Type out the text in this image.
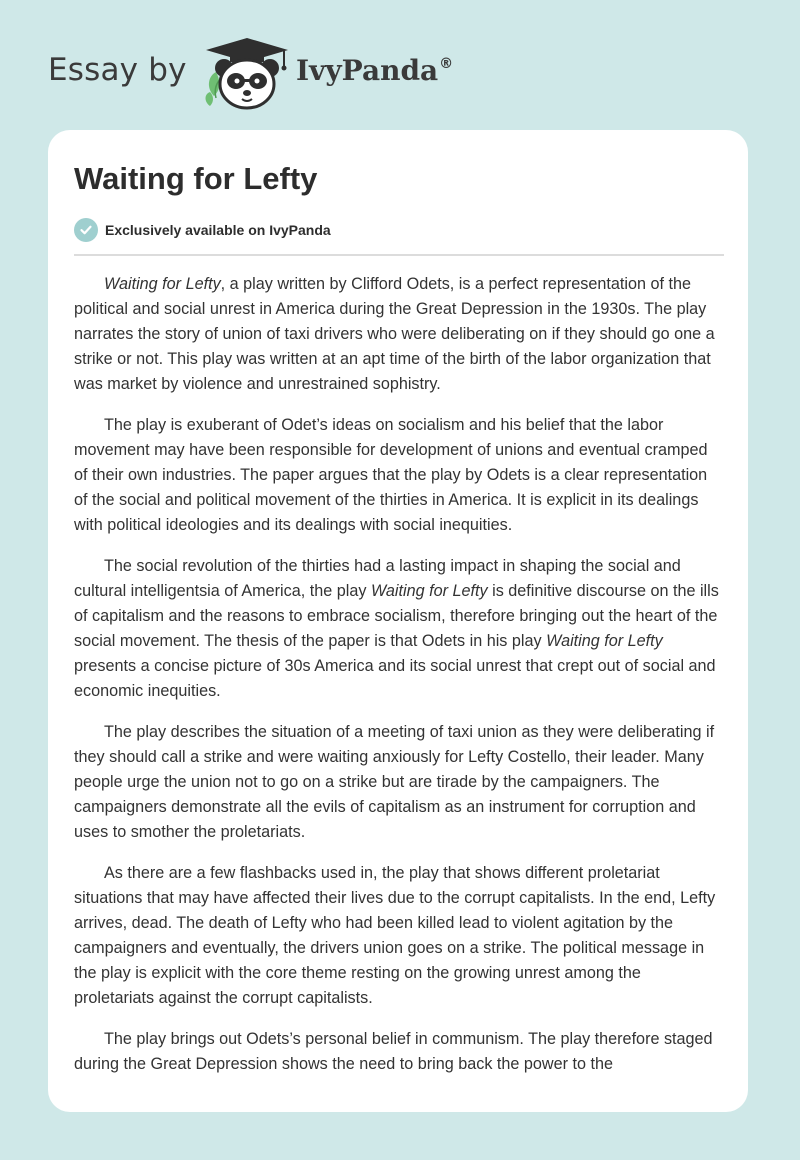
Essay by	IvyPanda®
Waiting for Lefty
Exclusively available on IvyPanda

Waiting for Lefty, a play written by Clifford Odets, is a perfect representation of the political and social unrest in America during the Great Depression in the 1930s. The play narrates the story of union of taxi drivers who were deliberating on if they should go one a strike or not. This play was written at an apt time of the birth of the labor organization that was market by violence and unrestrained sophistry.

The play is exuberant of Odet’s ideas on socialism and his belief that the labor movement may have been responsible for development of unions and eventual cramped of their own industries. The paper argues that the play by Odets is a clear representation of the social and political movement of the thirties in America. It is explicit in its dealings with political ideologies and its dealings with social inequities.

The social revolution of the thirties had a lasting impact in shaping the social and cultural intelligentsia of America, the play Waiting for Lefty is definitive discourse on the ills of capitalism and the reasons to embrace socialism, therefore bringing out the heart of the social movement. The thesis of the paper is that Odets in his play Waiting for Lefty presents a concise picture of 30s America and its social unrest that crept out of social and economic inequities.

The play describes the situation of a meeting of taxi union as they were deliberating if they should call a strike and were waiting anxiously for Lefty Costello, their leader. Many people urge the union not to go on a strike but are tirade by the campaigners. The campaigners demonstrate all the evils of capitalism as an instrument for corruption and uses to smother the proletariats.

As there are a few flashbacks used in, the play that shows different proletariat situations that may have affected their lives due to the corrupt capitalists. In the end, Lefty arrives, dead. The death of Lefty who had been killed lead to violent agitation by the campaigners and eventually, the drivers union goes on a strike. The political message in the play is explicit with the core theme resting on the growing unrest among the proletariats against the corrupt capitalists.

The play brings out Odets’s personal belief in communism. The play therefore staged during the Great Depression shows the need to bring back the power to the
